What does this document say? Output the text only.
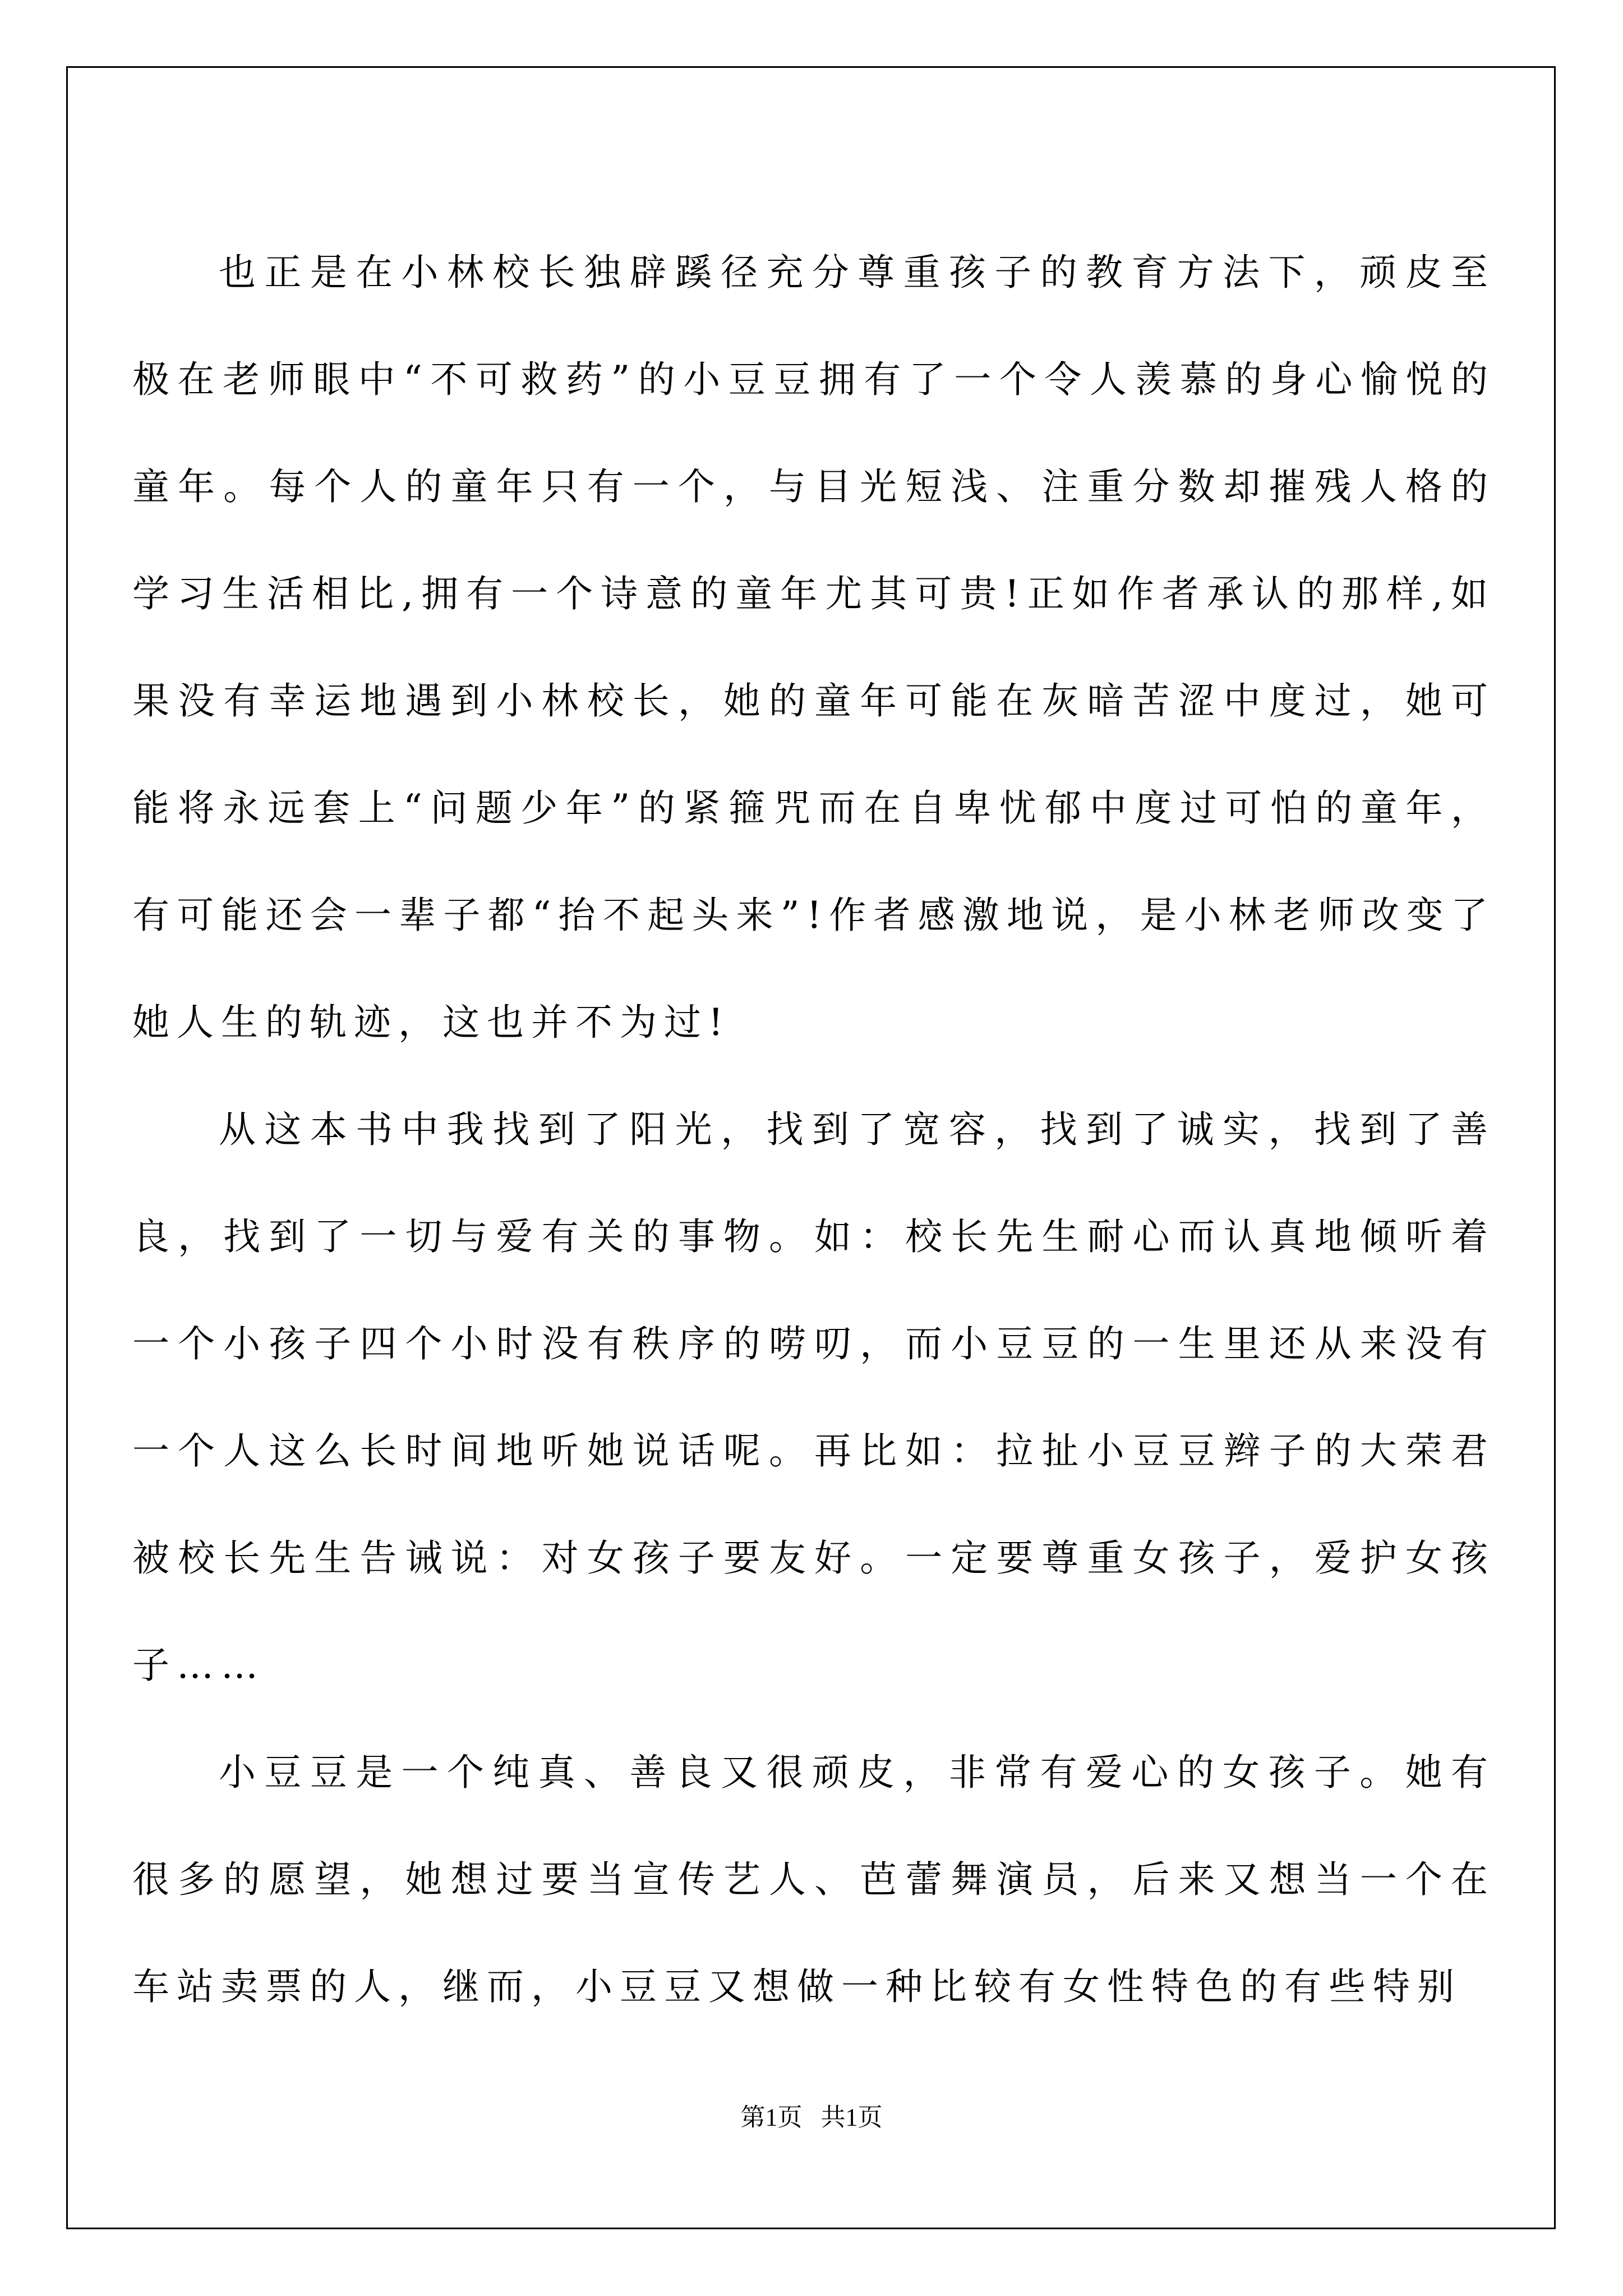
也正是在小林校长独辟蹊径充分尊重孩子的教育方法下，顽皮至极在老师眼中“不可救药”的小豆豆拥有了一个令人羡慕的身心愉悦的童年。每个人的童年只有一个，与目光短浅、注重分数却摧残人格的学习生活相比,拥有一个诗意的童年尤其可贵!正如作者承认的那样,如果没有幸运地遇到小林校长，她的童年可能在灰暗苦涩中度过，她可能将永远套上“问题少年”的紧箍咒而在自卑忧郁中度过可怕的童年，有可能还会一辈子都“抬不起头来”!作者感激地说，是小林老师改变了她人生的轨迹，这也并不为过!

从这本书中我找到了阳光，找到了宽容，找到了诚实，找到了善良，找到了一切与爱有关的事物。如：校长先生耐心而认真地倾听着一个小孩子四个小时没有秩序的唠叨，而小豆豆的一生里还从来没有一个人这么长时间地听她说话呢。再比如：拉扯小豆豆辫子的大荣君被校长先生告诫说：对女孩子要友好。一定要尊重女孩子，爱护女孩子……

小豆豆是一个纯真、善良又很顽皮，非常有爱心的女孩子。她有很多的愿望，她想过要当宣传艺人、芭蕾舞演员，后来又想当一个在车站卖票的人，继而，小豆豆又想做一种比较有女性特色的有些特别

第1页   共1页
